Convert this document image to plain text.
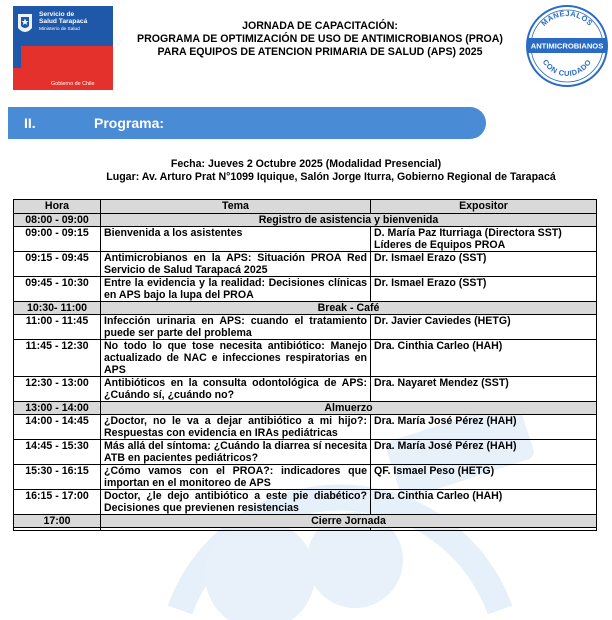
Servicio de
Salud Tarapacá
Ministerio de Salud
Gobierno de Chile
MANÉJALOS
ANTIMICROBIANOS
CON CUIDADO
JORNADA DE CAPACITACIÓN:
PROGRAMA DE OPTIMIZACIÓN DE USO DE ANTIMICROBIANOS (PROA)
PARA EQUIPOS DE ATENCION PRIMARIA DE SALUD (APS) 2025
II.	Programa:
Fecha: Jueves 2 Octubre 2025 (Modalidad Presencial)
Lugar: Av. Arturo Prat N°1099 Iquique, Salón Jorge Iturra, Gobierno Regional de Tarapacá
Hora	Tema	Expositor
08:00 - 09:00	Registro de asistencia y bienvenida	
09:00 - 09:15	Bienvenida a los asistentes	D. María Paz Iturriaga (Directora SST)
Líderes de Equipos PROA

09:15 - 09:45	Antimicrobianos en la APS: Situación PROA Red Servicio de Salud Tarapacá 2025	Dr. Ismael Erazo (SST)
09:45 - 10:30	Entre la evidencia y la realidad: Decisiones clínicas en APS bajo la lupa del PROA	Dr. Ismael Erazo (SST)
10:30- 11:00	Break - Café	
11:00 - 11:45	Infección urinaria en APS: cuando el tratamiento puede ser parte del problema	Dr. Javier Caviedes (HETG)
11:45 - 12:30	No todo lo que tose necesita antibiótico: Manejo actualizado de NAC e infecciones respiratorias en APS	Dra. Cinthia Carleo (HAH)
12:30 - 13:00	Antibióticos en la consulta odontológica de APS: ¿Cuándo sí, ¿cuándo no?	Dra. Nayaret Mendez (SST)
13:00 - 14:00	Almuerzo	
14:00 - 14:45	¿Doctor, no le va a dejar antibiótico a mi hijo?: Respuestas con evidencia en IRAs pediátricas	Dra. María José Pérez (HAH)
14:45 - 15:30	Más allá del síntoma: ¿Cuándo la diarrea sí necesita ATB en pacientes pediátricos?	Dra. María José Pérez (HAH)
15:30 - 16:15	¿Cómo vamos con el PROA?: indicadores que importan en el monitoreo de APS	QF. Ismael Peso (HETG)
16:15 - 17:00	Doctor, ¿le dejo antibiótico a este pie diabético? Decisiones que previenen resistencias	Dra. Cinthia Carleo (HAH)
17:00	Cierre Jornada	
